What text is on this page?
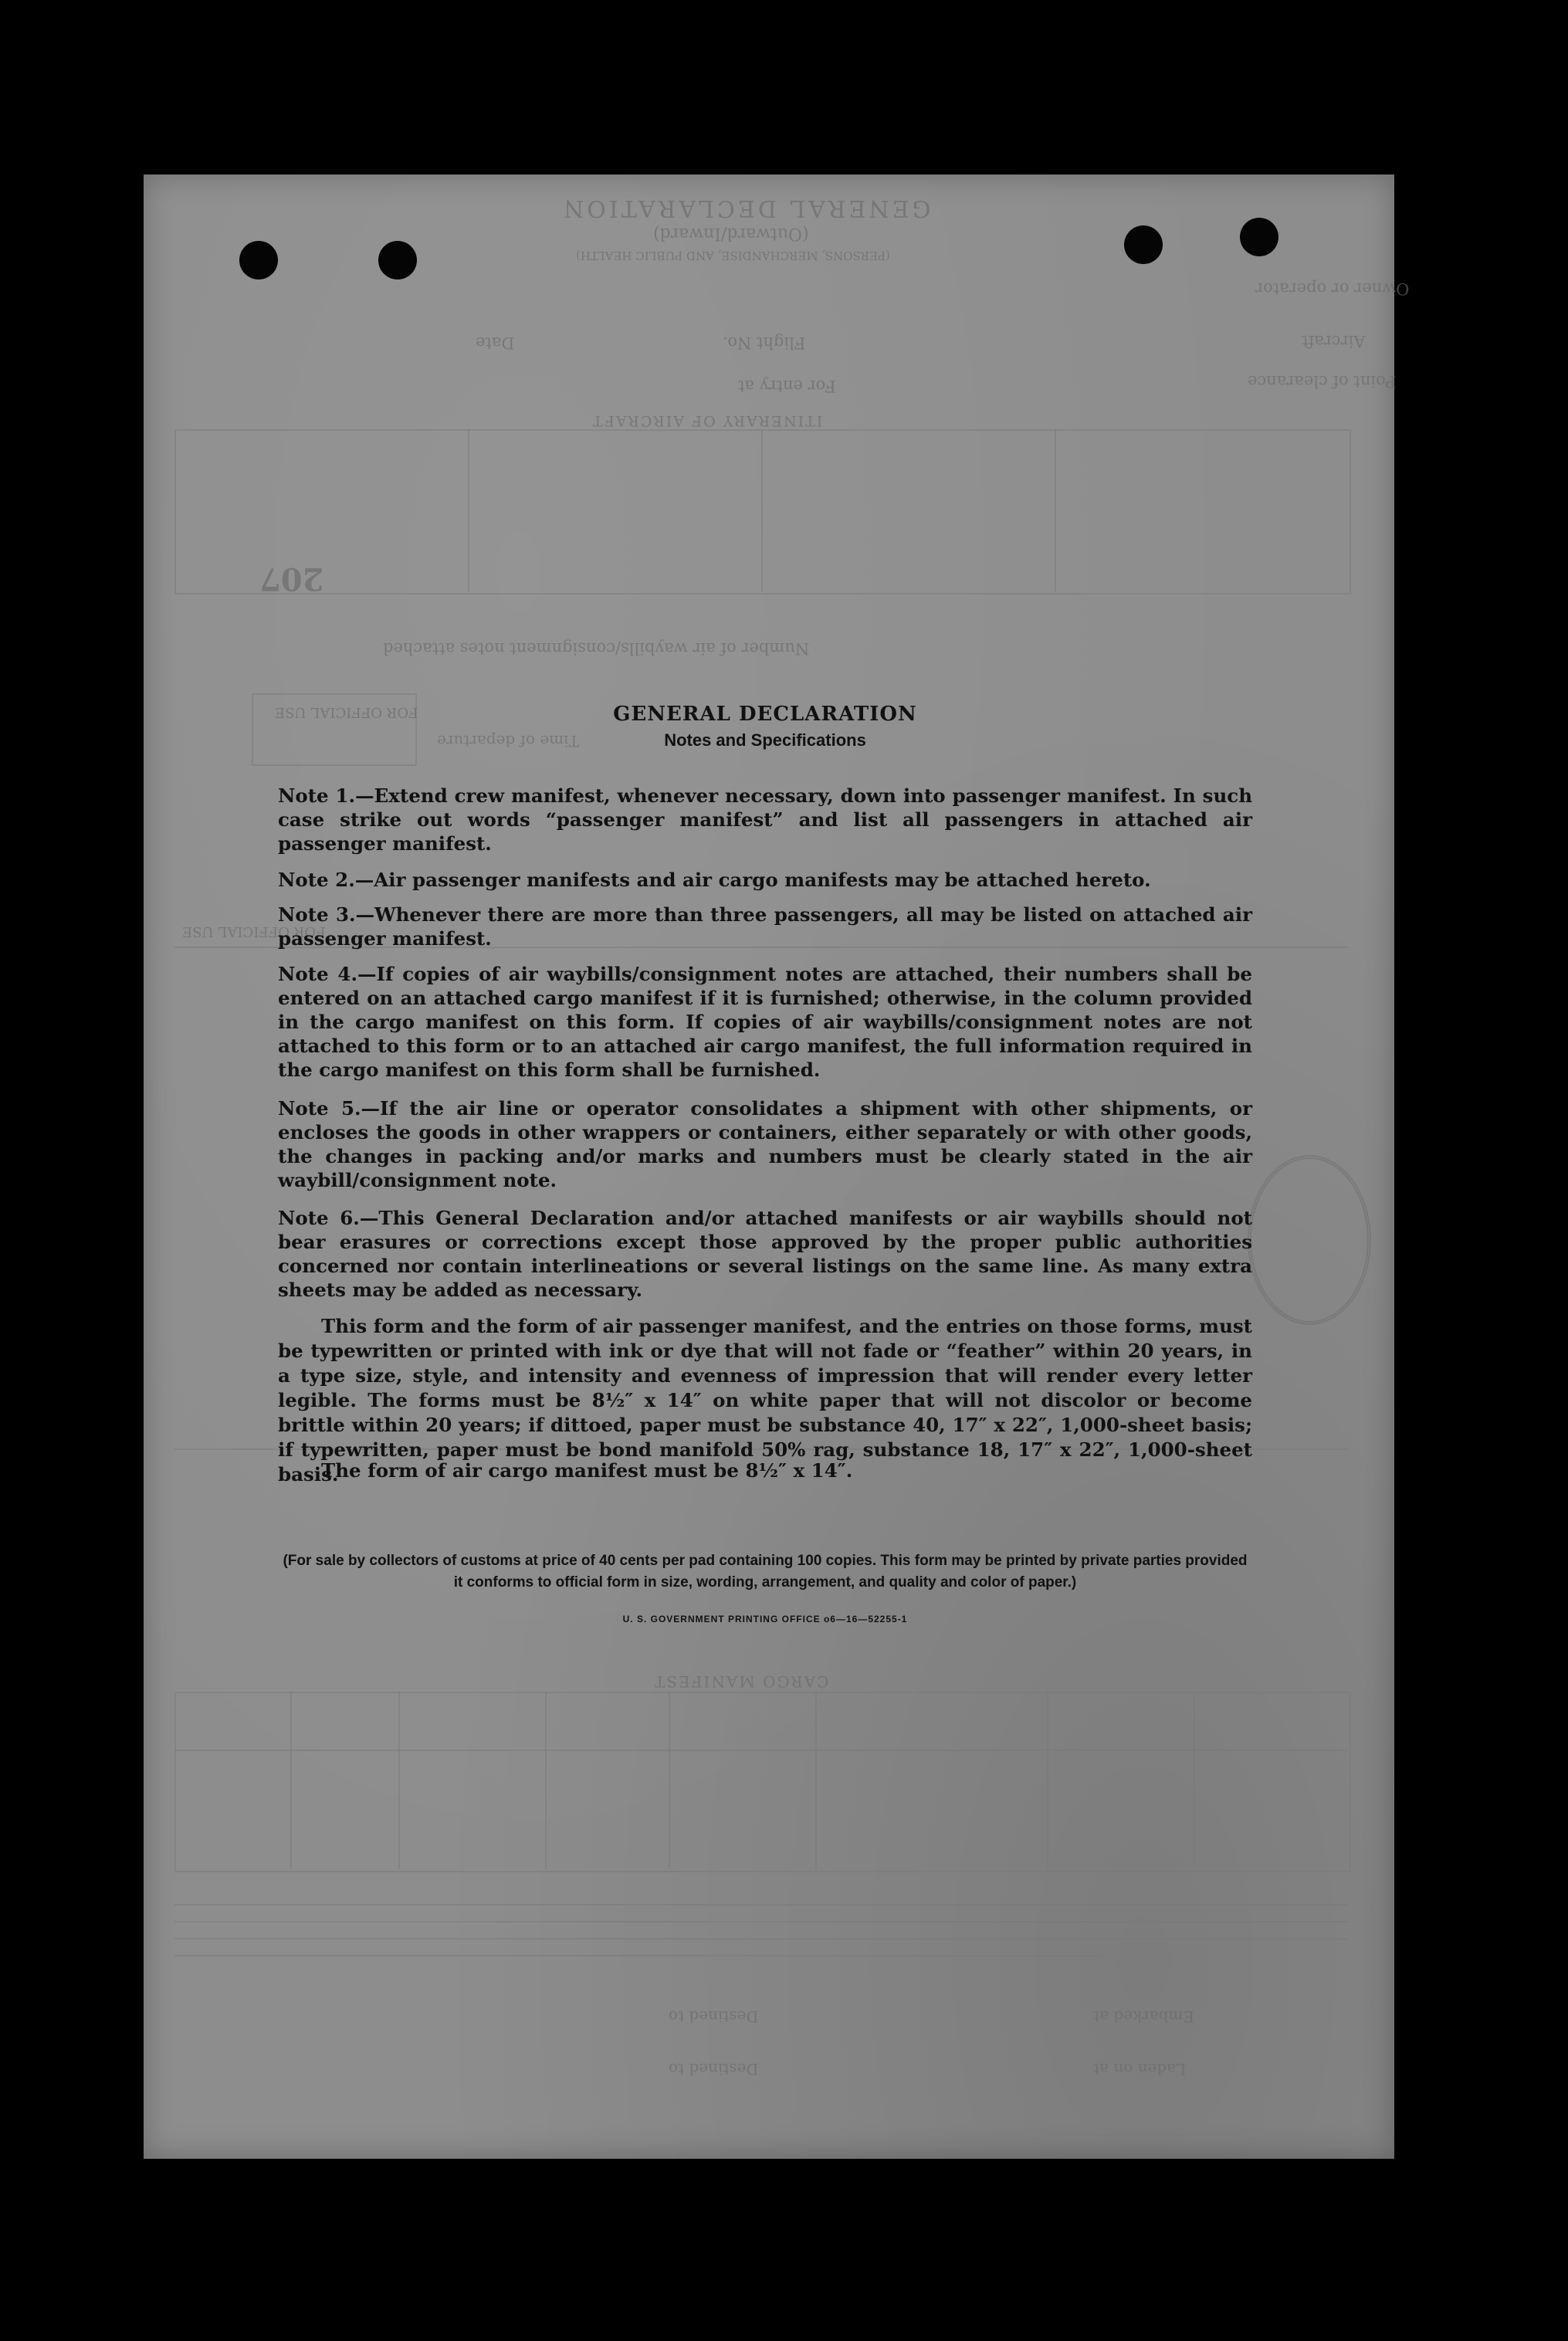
GENERAL DECLARATION
(Outward/Inward)
(PERSONS, MERCHANDISE, AND PUBLIC HEALTH)
Owner or operator
Aircraft
Flight No.
Date
Point of clearance
For entry at
ITINERARY OF AIRCRAFT
207
Number of air waybills/consignment notes attached
FOR OFFICIAL USE
Time of departure
FOR OFFICIAL USE
CARGO MANIFEST
Embarked at
Destined to
Laden on at
Destined to
GENERAL DECLARATION
Notes and Specifications
Note 1.—Extend crew manifest, whenever necessary, down into passenger manifest. In such case strike out words “passenger manifest” and list all passengers in attached air passenger manifest.
Note 2.—Air passenger manifests and air cargo manifests may be attached hereto.
Note 3.—Whenever there are more than three passengers, all may be listed on attached air passenger manifest.
Note 4.—If copies of air waybills/consignment notes are attached, their numbers shall be entered on an attached cargo manifest if it is furnished; otherwise, in the column provided in the cargo manifest on this form. If copies of air waybills/consignment notes are not attached to this form or to an attached air cargo manifest, the full information required in the cargo manifest on this form shall be furnished.
Note 5.—If the air line or operator consolidates a shipment with other shipments, or encloses the goods in other wrappers or containers, either separately or with other goods, the changes in packing and/or marks and numbers must be clearly stated in the air waybill/consignment note.
Note 6.—This General Declaration and/or attached manifests or air waybills should not bear erasures or corrections except those approved by the proper public authorities concerned nor contain interlineations or several listings on the same line. As many extra sheets may be added as necessary.
This form and the form of air passenger manifest, and the entries on those forms, must be typewritten or printed with ink or dye that will not fade or “feather” within 20 years, in a type size, style, and intensity and evenness of impression that will render every letter legible. The forms must be 8½″ x 14″ on white paper that will not discolor or become brittle within 20 years; if dittoed, paper must be substance 40, 17″ x 22″, 1,000-sheet basis; if typewritten, paper must be bond manifold 50% rag, substance 18, 17″ x 22″, 1,000-sheet basis.
The form of air cargo manifest must be 8½″ x 14″.
(For sale by collectors of customs at price of 40 cents per pad containing 100 copies. This form may be printed by private parties provided it conforms to official form in size, wording, arrangement, and quality and color of paper.)
U. S. GOVERNMENT PRINTING OFFICE o6—16—52255-1
